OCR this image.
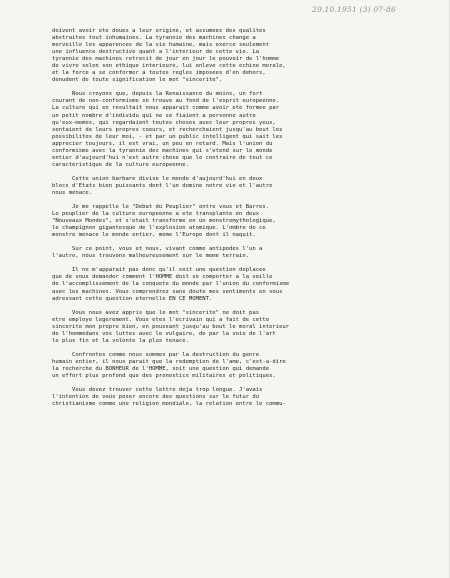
29.10.1951 (3) 07-86
doivent avoir ete doues a leur origine, et assumees des qualites
abstraites tout inhumaines. La tyrannie des machines change a
merveille les apparences de la vie humaine, mais exerce seulement
une influence destructive quant a l'interieur de cette vie. La
tyrannie des machines retrecit de jour en jour le pouvoir de l'homme
de vivre selon son ethique interieure, lui enleve cette echine morale,
et la force a se conformer a toutes regles imposees d'en dehors,
denudent de toute signification le mot "sincerite".
Nous croyons que, depuis la Renaissance du moins, un fort
courant de non-conformisme se trouve au fond de l'esprit europeenne.
La culture qui en resultait nous apparait comme avoir ete formee par
un petit nombre d'individu qui ne se fiaient a personne autre
qu'eux-memes, qui regardaient toutes choses avec leur propres yeux,
sentaient de leurs propres coeurs, et recherchaient jusqu'au bout les
possibilites de leur moi, - et par un public intelligent qui sait les
apprecier toujours, il est vrai, un peu en retard. Mais l'union du
conformisme avec la tyrannie des machines qui s'etend sur le monde
entier d'aujourd'hui n'est autre chose que le contraire de tout ce
caracteristique de la culture europeenne.
Cette union barbare divise le monde d'aujourd'hui en deux
blocs d'Etats bien puissants dont l'un domine notre vie et l'autre
nous menace.
Je me rappelle le "Debat du Peuplier" entre vous et Barres.
Le peuplier de la culture europeenne a ete transplante en deux
"Nouveaux Mondes", et s'etait transforme en un monstremythologique,
le champignon gigantesque de l'explosion atomique. L'ombre de ce
monstre menace le monde entier, meme l'Europe dont il naquit.
Sur ce point, vous et nous, vivant comme antipodes l'un a
l'autre, nous trouvons malheureusement sur le meme terrain.
Il ne m'apparait pas donc qu'il soit une question deplacee
que de vous demander comment l'HOMME doit se comporter a la veille
de l'accomplissement de la conquete du monde par l'union du conformisme
avec les machines. Vous comprendrez sans doute mes sentiments en vous
adressant cette question eternelle EN CE MOMENT.
Vous nous avez appris que le mot "sincerite" ne doit pas
etre employe legerement. Vous etes l'ecrivain qui a fait de cette
sincerite mon propre bien, en poussant jusqu'au bout le moral interieur
de l'hommedans vos luttes avec le vulgaire, de par la voie de l'art
le plus fin et la volonte la plus tenace.
Confrontes comme nous sommes par la destruction du genre
humain entier, il nous parait que la redemption de l'ame, c'est-a-dire
la recherche du BONHEUR de l'HOMME, soit une question qui demande
un effort plus profond que des pronostics militaires et politiques.
Vous devez trouver cette lettre deja trop longue. J'avais
l'intention de vous poser encore des questions sur le futur du
christianisme comme une religion mondiale, la relation entre le commu-
